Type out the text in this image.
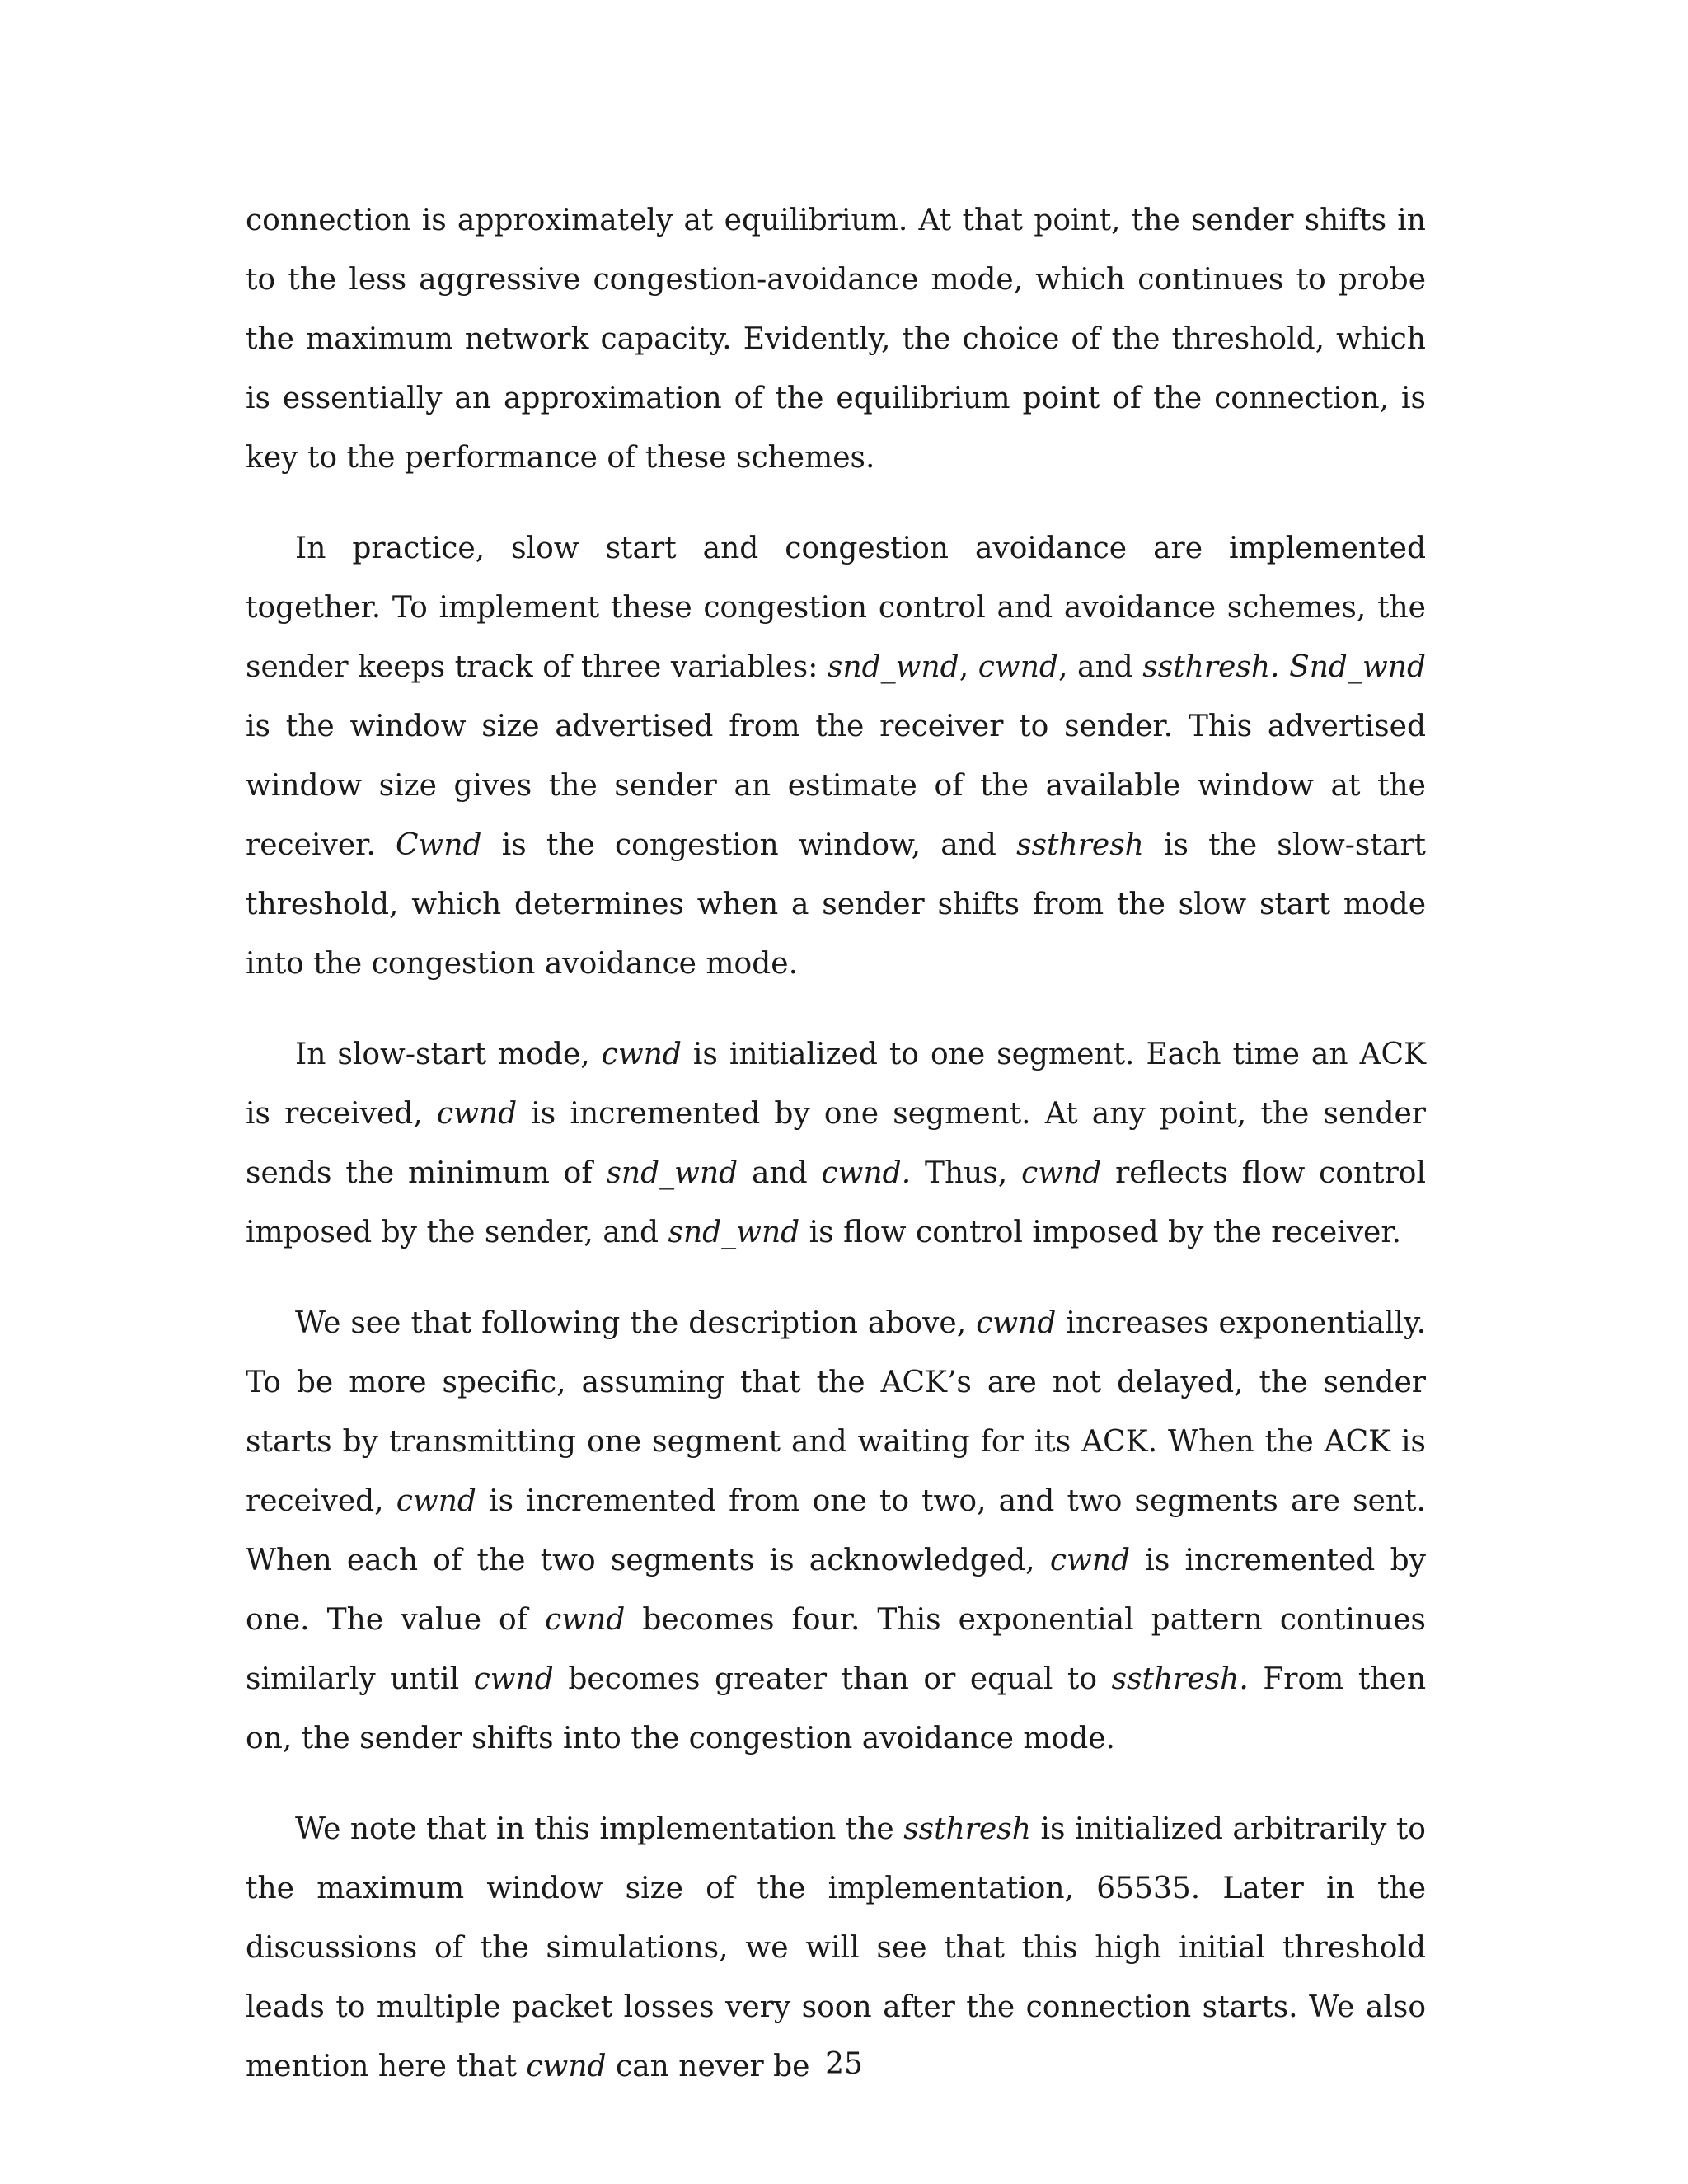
connection is approximately at equilibrium. At that point, the sender shifts in to the less aggressive congestion-avoidance mode, which continues to probe the maximum network capacity. Evidently, the choice of the threshold, which is essentially an approximation of the equilibrium point of the connection, is key to the performance of these schemes.

In practice, slow start and congestion avoidance are implemented together. To implement these congestion control and avoidance schemes, the sender keeps track of three variables: snd_wnd, cwnd, and ssthresh. Snd_wnd is the window size advertised from the receiver to sender. This advertised window size gives the sender an estimate of the available window at the receiver. Cwnd is the congestion window, and ssthresh is the slow-start threshold, which determines when a sender shifts from the slow start mode into the congestion avoidance mode.

In slow-start mode, cwnd is initialized to one segment. Each time an ACK is received, cwnd is incremented by one segment. At any point, the sender sends the minimum of snd_wnd and cwnd. Thus, cwnd reflects flow control imposed by the sender, and snd_wnd is flow control imposed by the receiver.

We see that following the description above, cwnd increases exponentially. To be more specific, assuming that the ACK’s are not delayed, the sender starts by transmitting one segment and waiting for its ACK. When the ACK is received, cwnd is incremented from one to two, and two segments are sent. When each of the two segments is acknowledged, cwnd is incremented by one. The value of cwnd becomes four. This exponential pattern continues similarly until cwnd becomes greater than or equal to ssthresh. From then on, the sender shifts into the congestion avoidance mode.

We note that in this implementation the ssthresh is initialized arbitrarily to the maximum window size of the implementation, 65535. Later in the discussions of the simulations, we will see that this high initial threshold leads to multiple packet losses very soon after the connection starts. We also mention here that cwnd can never be 25
